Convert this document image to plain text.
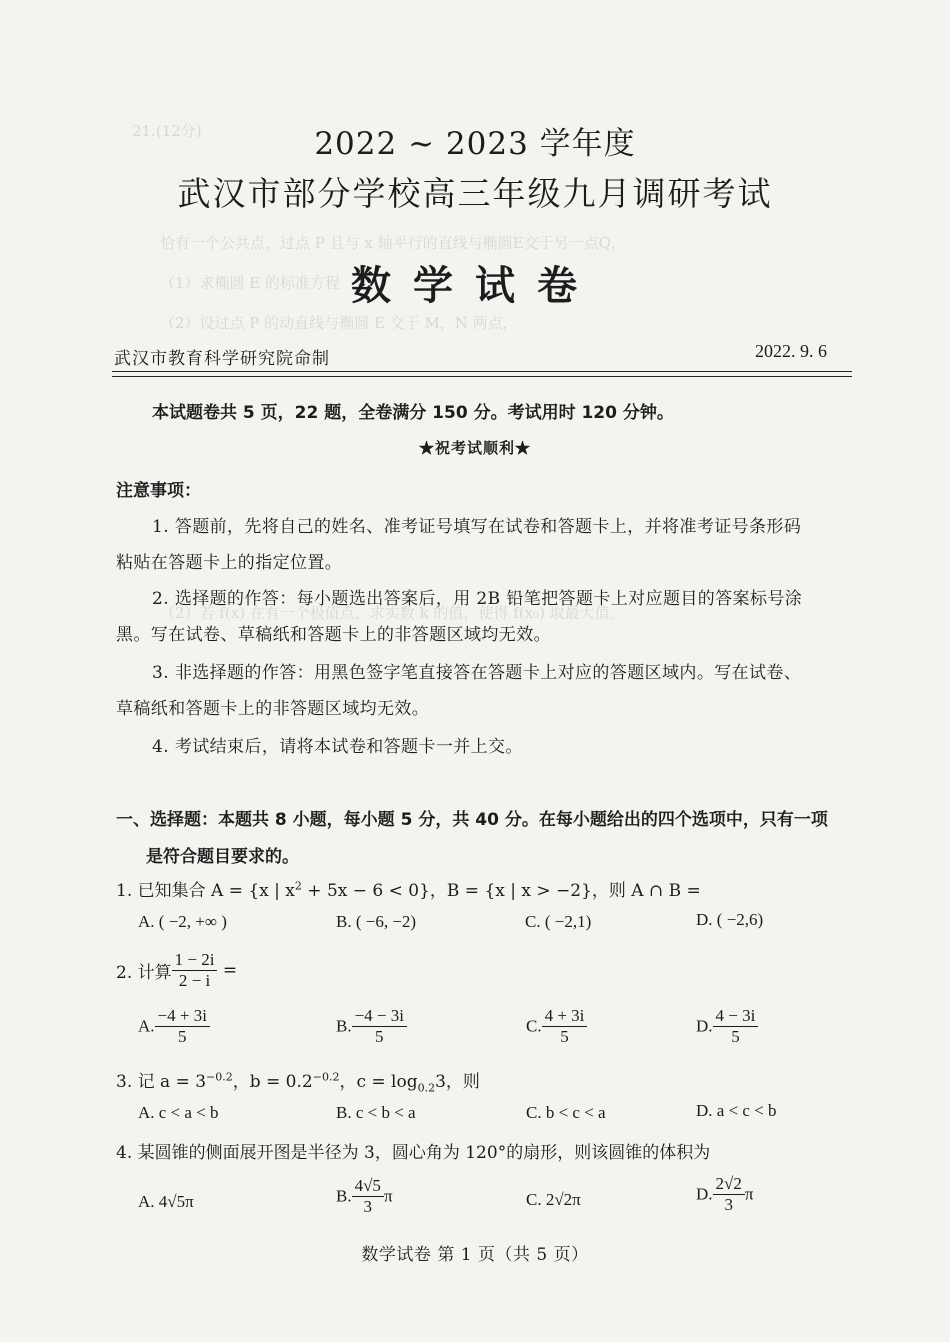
21.(12分)
恰有一个公共点，过点 P 且与 x 轴平行的直线与椭圆E交于另一点Q，
（1）求椭圆 E 的标准方程
（2）设过点 P 的动直线与椭圆 E 交于 M，N 两点，
（2）若 f(x) 在有一个极值点，求实数 k 的值，使得 f(x₀) 取最大值。
2022 ~ 2023 学年度
武汉市部分学校高三年级九月调研考试
数学试卷
武汉市教育科学研究院命制	2022. 9. 6
本试题卷共 5 页，22 题，全卷满分 150 分。考试用时 120 分钟。
★祝考试顺利★
注意事项：
1. 答题前，先将自己的姓名、准考证号填写在试卷和答题卡上，并将准考证号条形码
粘贴在答题卡上的指定位置。
2. 选择题的作答：每小题选出答案后，用 2B 铅笔把答题卡上对应题目的答案标号涂
黑。写在试卷、草稿纸和答题卡上的非答题区域均无效。
3. 非选择题的作答：用黑色签字笔直接答在答题卡上对应的答题区域内。写在试卷、
草稿纸和答题卡上的非答题区域均无效。
4. 考试结束后，请将本试卷和答题卡一并上交。
一、选择题：本题共 8 小题，每小题 5 分，共 40 分。在每小题给出的四个选项中，只有一项
是符合题目要求的。
1. 已知集合 A = {x | $x^2 + 5x - 6 < 0$}，B = {x | x > −2}，则 A ∩ B =
A. ( −2, +∞ )	B. ( −6, −2)	C. ( −2,1)	D. ( −2,6)
2. 计算 $\frac{1 - 2i}{2 - i}$ =
A. $\frac{-4 + 3i}{5}$	B. $\frac{-4 - 3i}{5}$	C. $\frac{4 + 3i}{5}$	D. $\frac{4 - 3i}{5}$
3. 记 $a = 3^{-0.2}$，$b = 0.2^{-0.2}$，$c = \log_{0.2}3$，则
A. c < a < b	B. c < b < a	C. b < c < a	D. a < c < b
4. 某圆锥的侧面展开图是半径为 3，圆心角为 120°的扇形，则该圆锥的体积为
A. 4√5π	B. $\frac{4√5}{3}$ π	C. 2√2π	D. $\frac{2√2}{3}$ π
数学试卷 第 1 页（共 5 页）
